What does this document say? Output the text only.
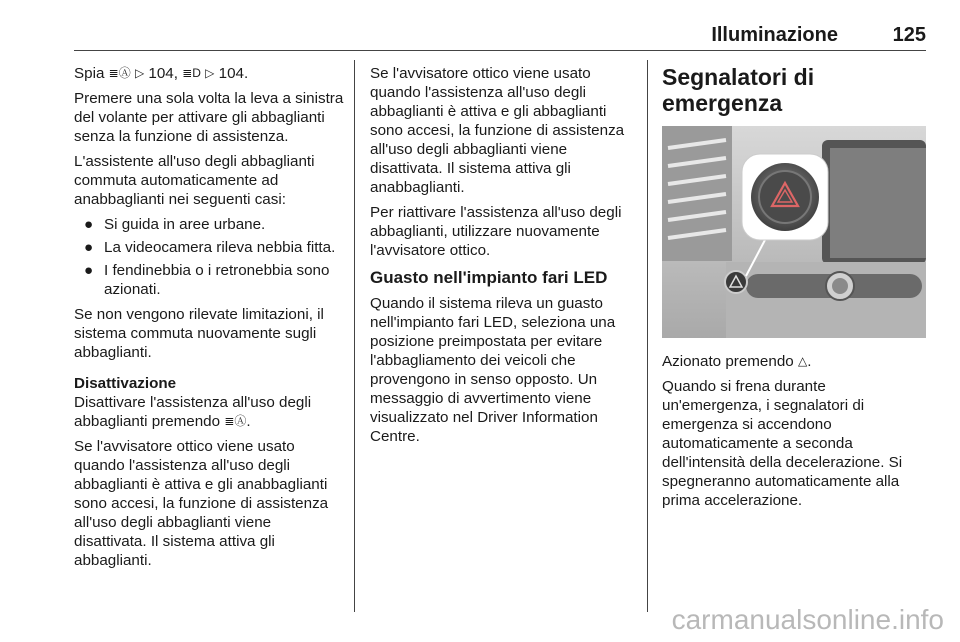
Illuminazione	125

Spia ≣Ⓐ ▷ 104, ≣D ▷ 104.

Premere una sola volta la leva a sinistra del volante per attivare gli abbaglianti senza la funzione di assistenza.

L'assistente all'uso degli abbaglianti commuta automaticamente ad anabbaglianti nei seguenti casi:

● Si guida in aree urbane.
● La videocamera rileva nebbia fitta.
● I fendinebbia o i retronebbia sono azionati.

Se non vengono rilevate limitazioni, il sistema commuta nuovamente sugli abbaglianti.

Disattivazione

Disattivare l'assistenza all'uso degli abbaglianti premendo ≣Ⓐ.

Se l'avvisatore ottico viene usato quando l'assistenza all'uso degli abbaglianti è attiva e gli anabbaglianti sono accesi, la funzione di assistenza all'uso degli abbaglianti viene disattivata. Il sistema attiva gli abbaglianti.

Se l'avvisatore ottico viene usato quando l'assistenza all'uso degli abbaglianti è attiva e gli abbaglianti sono accesi, la funzione di assistenza all'uso degli abbaglianti viene disattivata. Il sistema attiva gli anabbaglianti.

Per riattivare l'assistenza all'uso degli abbaglianti, utilizzare nuovamente l'avvisatore ottico.

Guasto nell'impianto fari LED

Quando il sistema rileva un guasto nell'impianto fari LED, seleziona una posizione preimpostata per evitare l'abbagliamento dei veicoli che provengono in senso opposto. Un messaggio di avvertimento viene visualizzato nel Driver Information Centre.

Segnalatori di emergenza

Azionato premendo △.

Quando si frena durante un'emergenza, i segnalatori di emergenza si accendono automaticamente a seconda dell'intensità della decelerazione. Si spegneranno automaticamente alla prima accelerazione.

carmanualsonline.info
